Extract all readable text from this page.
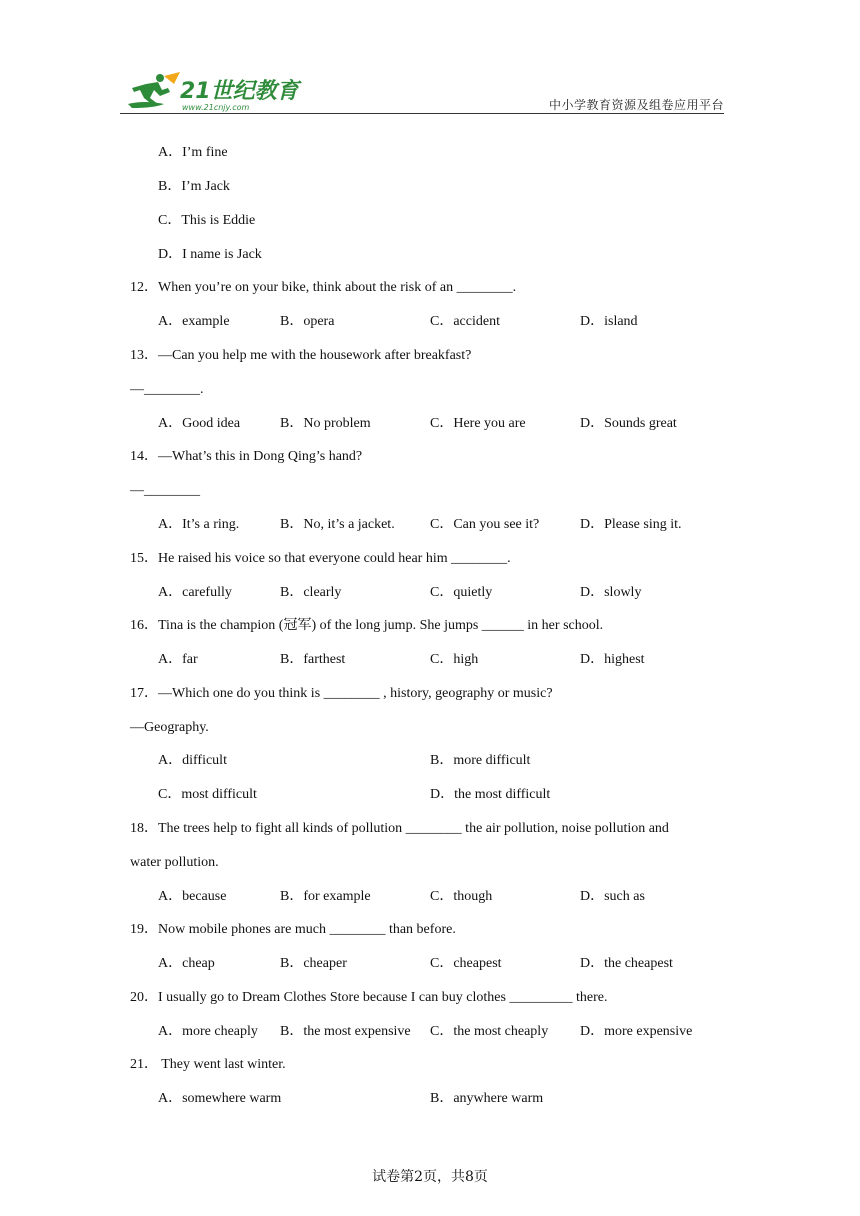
21世纪教育
www.21cnjy.com	中小学教育资源及组卷应用平台
A．I’m fine
B．I’m Jack
C．This is Eddie
D．I name is Jack
12．When you’re on your bike, think about the risk of an ________.
A．example	B．opera	C．accident	D．island
13．—Can you help me with the housework after breakfast?
—________.
A．Good idea	B．No problem	C．Here you are	D．Sounds great
14．—What’s this in Dong Qing’s hand?
—________
A．It’s a ring.	B．No, it’s a jacket.	C．Can you see it?	D．Please sing it.
15．He raised his voice so that everyone could hear him ________.
A．carefully	B．clearly	C．quietly	D．slowly
16．Tina is the champion (冠军) of the long jump. She jumps ______ in her school.
A．far	B．farthest	C．high	D．highest
17．—Which one do you think is ________ , history, geography or music?
—Geography.
A．difficult	B．more difficult
C．most difficult	D．the most difficult
18．The trees help to fight all kinds of pollution ________ the air pollution, noise pollution and
water pollution.
A．because	B．for example	C．though	D．such as
19．Now mobile phones are much ________ than before.
A．cheap	B．cheaper	C．cheapest	D．the cheapest
20．I usually go to Dream Clothes Store because I can buy clothes _________ there.
A．more cheaply B．the most expensive C．the most cheaply D．more expensive
21． They went last winter.
A．somewhere warm	B．anywhere warm
试卷第2页，共8页
